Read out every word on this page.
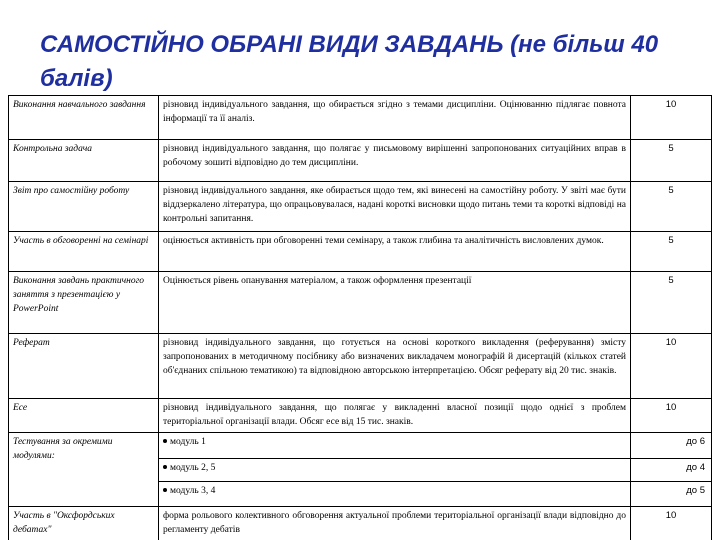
САМОСТІЙНО ОБРАНІ ВИДИ ЗАВДАНЬ (не більш 40 балів)
Виконання навчального завдання	різновид індивідуального завдання, що обирається згідно з темами дисципліни. Оцінюванню підлягає повнота інформації та її аналіз.	10
Контрольна задача	різновид індивідуального завдання, що полягає у письмовому вирішенні запропонованих ситуаційних вправ в робочому зошиті відповідно до тем дисципліни.	5
Звіт про самостійну роботу	різновид індивідуального завдання, яке обирається щодо тем, які винесені на самостійну роботу. У звіті має бути віддзеркалено література, що опрацьовувалася, надані короткі висновки щодо питань теми та короткі відповіді на контрольні запитання.	5
Участь в обговоренні на семінарі	оцінюється активність при обговоренні теми семінару, а також глибина та аналітичність висловлених думок.	5
Виконання завдань практичного заняття з презентацією у PowerPoint	Оцінюється рівень опанування матеріалом, а також оформлення презентації	5
Реферат	різновид індивідуального завдання, що готується на основі короткого викладення (реферування) змісту запропонованих в методичному посібнику або визначених викладачем монографій й дисертацій (кількох статей об'єднаних спільною тематикою) та відповідною авторською інтерпретацією. Обсяг реферату від 20 тис. знаків.	10
Есе	різновид індивідуального завдання, що полягає у викладенні власної позиції щодо однієї з проблем територіальної організації влади. Обсяг есе від 15 тис. знаків.	10
Тестування за окремими модулями:	модуль 1	до 6
	модуль 2, 5	до 4
	модуль 3, 4	до 5
Участь в "Оксфордських дебатах"	форма рольового колективного обговорення актуальної проблеми територіальної організації влади відповідно до регламенту дебатів	10
